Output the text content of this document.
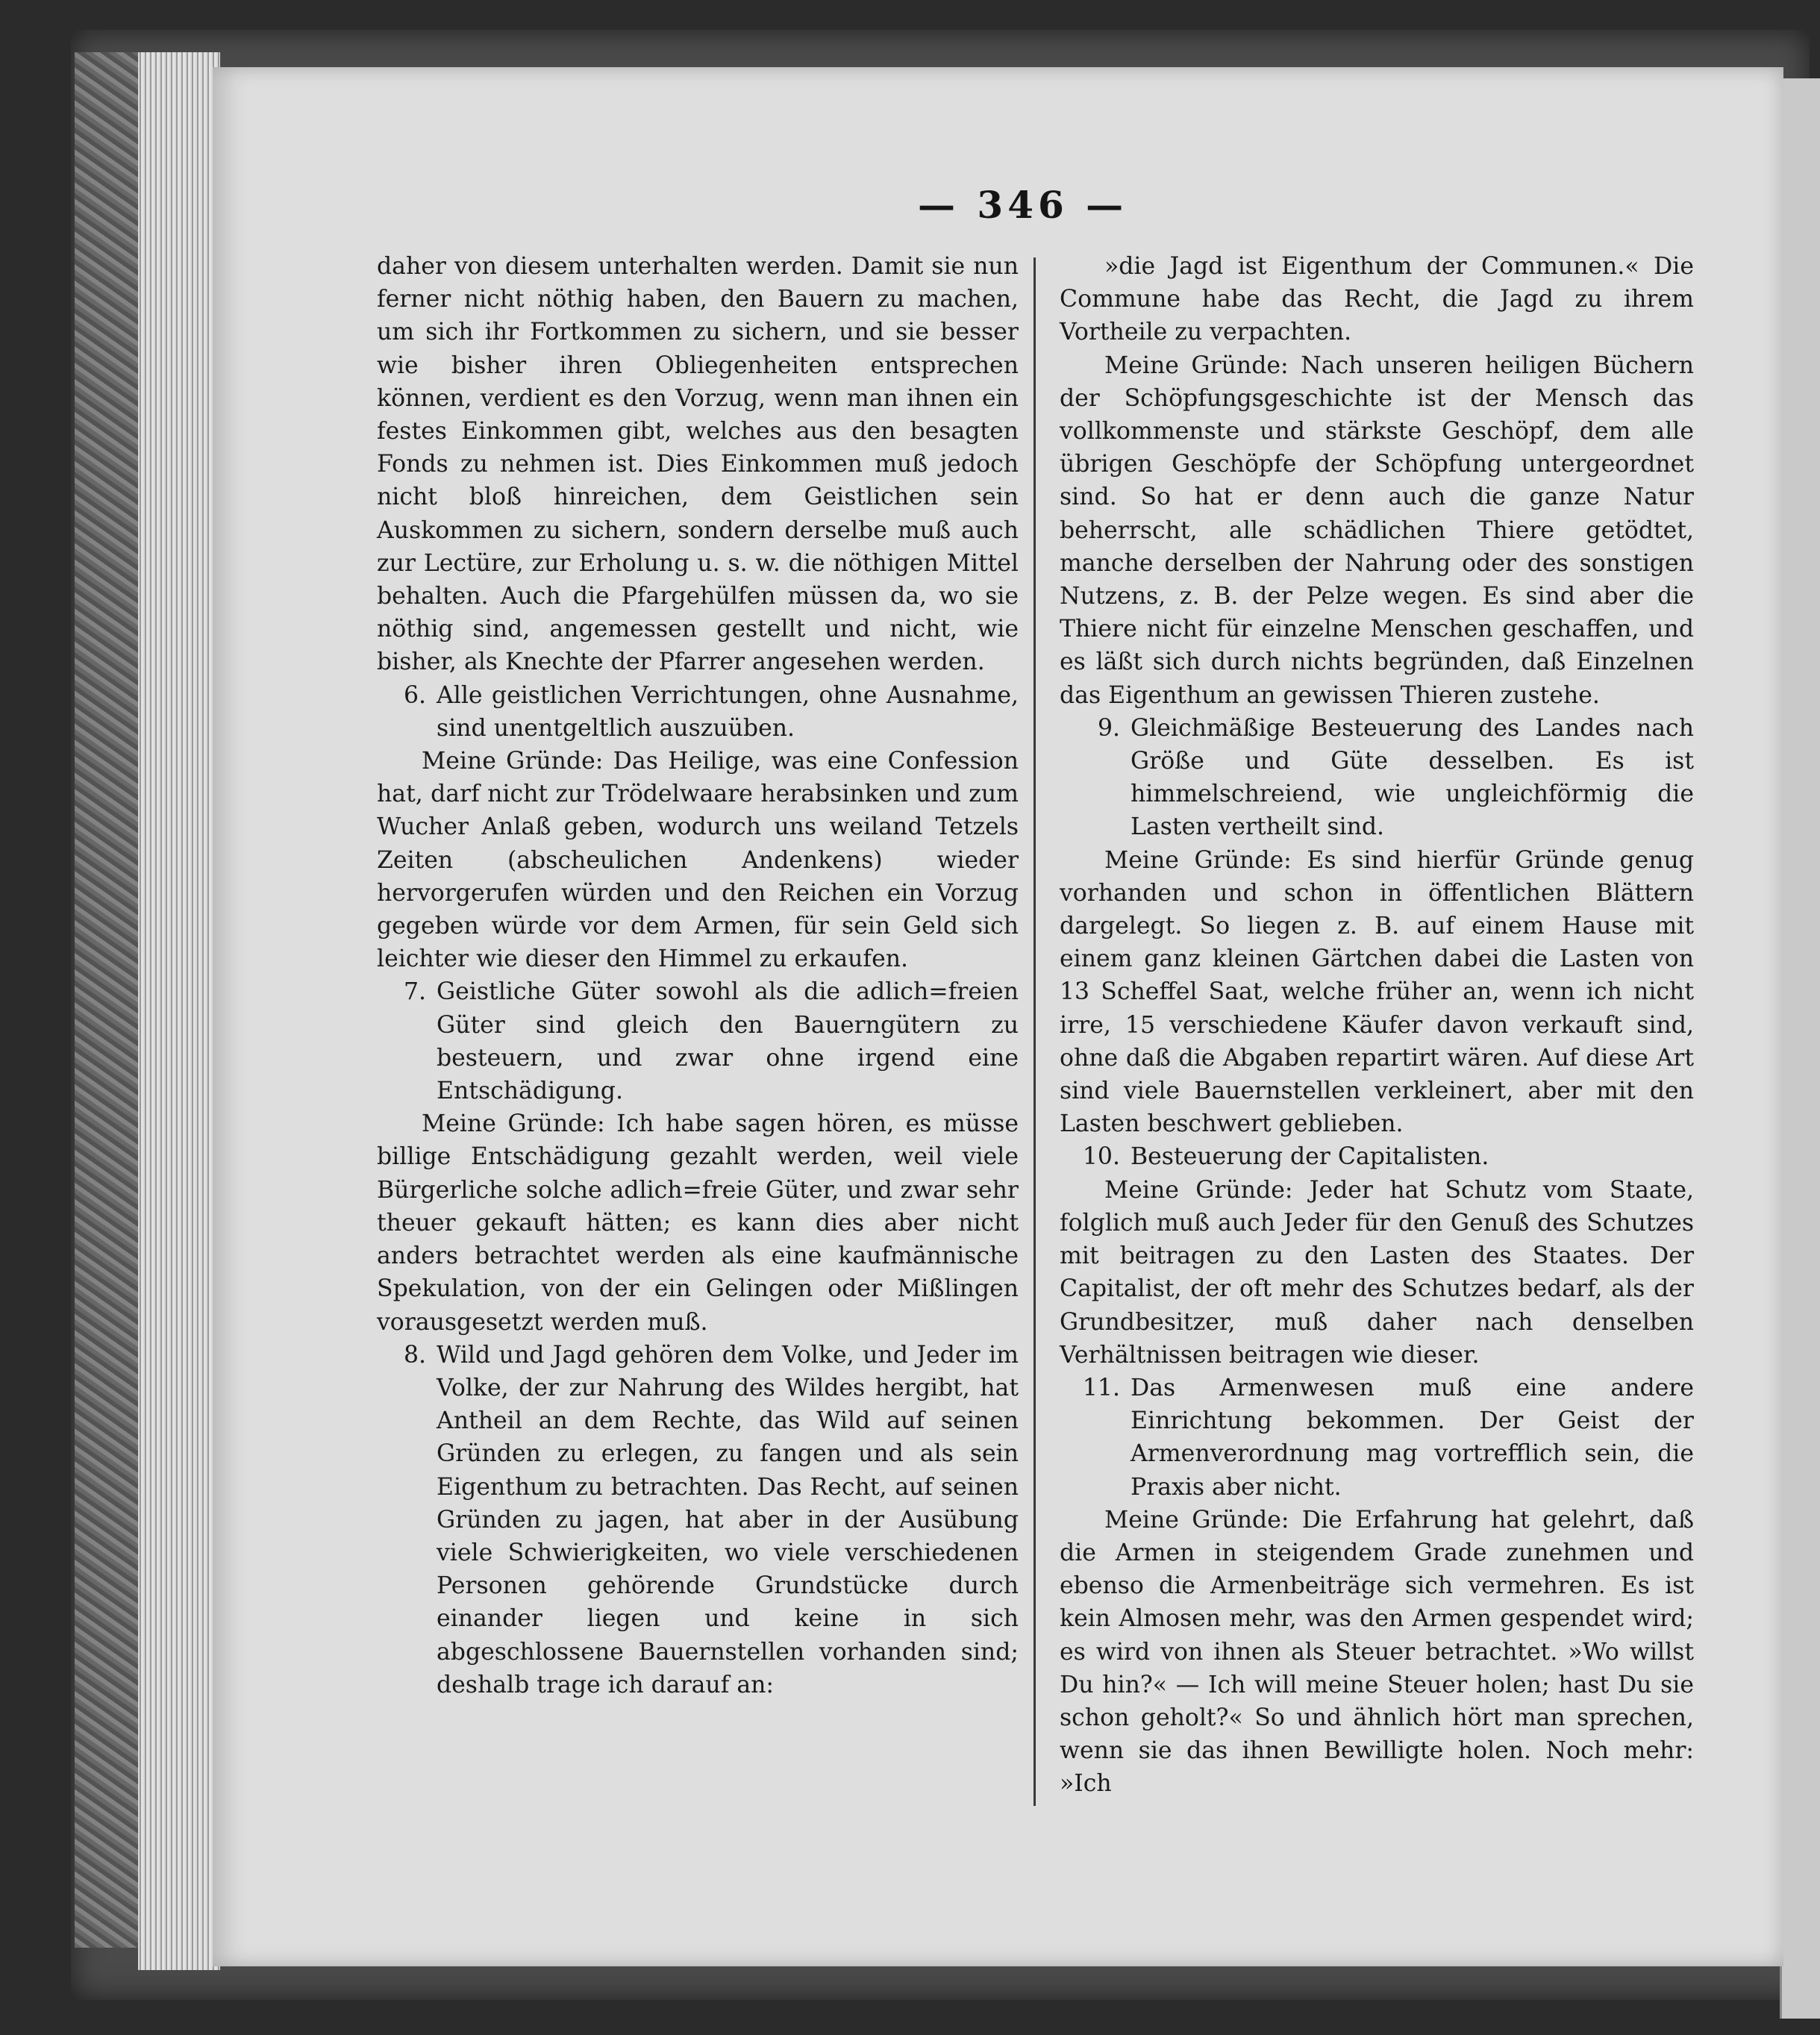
— 346 —

daher von diesem unterhalten werden. Damit sie nun ferner nicht nöthig haben, den Bauern zu machen, um sich ihr Fortkommen zu sichern, und sie besser wie bisher ihren Obliegenheiten entsprechen können, verdient es den Vorzug, wenn man ihnen ein festes Einkommen gibt, welches aus den besagten Fonds zu nehmen ist. Dies Einkommen muß jedoch nicht bloß hinreichen, dem Geistlichen sein Auskommen zu sichern, sondern derselbe muß auch zur Lectüre, zur Erholung u. s. w. die nöthigen Mittel behalten. Auch die Pfargehülfen müssen da, wo sie nöthig sind, angemessen gestellt und nicht, wie bisher, als Knechte der Pfarrer angesehen werden.

6. Alle geistlichen Verrichtungen, ohne Ausnahme, sind unentgeltlich auszuüben.

Meine Gründe: Das Heilige, was eine Confession hat, darf nicht zur Trödelwaare herabsinken und zum Wucher Anlaß geben, wodurch uns weiland Tetzels Zeiten (abscheulichen Andenkens) wieder hervorgerufen würden und den Reichen ein Vorzug gegeben würde vor dem Armen, für sein Geld sich leichter wie dieser den Himmel zu erkaufen.

7. Geistliche Güter sowohl als die adlich=freien Güter sind gleich den Bauerngütern zu besteuern, und zwar ohne irgend eine Entschädigung.

Meine Gründe: Ich habe sagen hören, es müsse billige Entschädigung gezahlt werden, weil viele Bürgerliche solche adlich=freie Güter, und zwar sehr theuer gekauft hätten; es kann dies aber nicht anders betrachtet werden als eine kaufmännische Spekulation, von der ein Gelingen oder Mißlingen vorausgesetzt werden muß.

8. Wild und Jagd gehören dem Volke, und Jeder im Volke, der zur Nahrung des Wildes hergibt, hat Antheil an dem Rechte, das Wild auf seinen Gründen zu erlegen, zu fangen und als sein Eigenthum zu betrachten. Das Recht, auf seinen Gründen zu jagen, hat aber in der Ausübung viele Schwierigkeiten, wo viele verschiedenen Personen gehörende Grundstücke durch einander liegen und keine in sich abgeschlossene Bauernstellen vorhanden sind; deshalb trage ich darauf an:

»die Jagd ist Eigenthum der Communen.« Die Commune habe das Recht, die Jagd zu ihrem Vortheile zu verpachten.

Meine Gründe: Nach unseren heiligen Büchern der Schöpfungsgeschichte ist der Mensch das vollkommenste und stärkste Geschöpf, dem alle übrigen Geschöpfe der Schöpfung untergeordnet sind. So hat er denn auch die ganze Natur beherrscht, alle schädlichen Thiere getödtet, manche derselben der Nahrung oder des sonstigen Nutzens, z. B. der Pelze wegen. Es sind aber die Thiere nicht für einzelne Menschen geschaffen, und es läßt sich durch nichts begründen, daß Einzelnen das Eigenthum an gewissen Thieren zustehe.

9. Gleichmäßige Besteuerung des Landes nach Größe und Güte desselben. Es ist himmelschreiend, wie ungleichförmig die Lasten vertheilt sind.

Meine Gründe: Es sind hierfür Gründe genug vorhanden und schon in öffentlichen Blättern dargelegt. So liegen z. B. auf einem Hause mit einem ganz kleinen Gärtchen dabei die Lasten von 13 Scheffel Saat, welche früher an, wenn ich nicht irre, 15 verschiedene Käufer davon verkauft sind, ohne daß die Abgaben repartirt wären. Auf diese Art sind viele Bauernstellen verkleinert, aber mit den Lasten beschwert geblieben.

10. Besteuerung der Capitalisten.

Meine Gründe: Jeder hat Schutz vom Staate, folglich muß auch Jeder für den Genuß des Schutzes mit beitragen zu den Lasten des Staates. Der Capitalist, der oft mehr des Schutzes bedarf, als der Grundbesitzer, muß daher nach denselben Verhältnissen beitragen wie dieser.

11. Das Armenwesen muß eine andere Einrichtung bekommen. Der Geist der Armenverordnung mag vortrefflich sein, die Praxis aber nicht.

Meine Gründe: Die Erfahrung hat gelehrt, daß die Armen in steigendem Grade zunehmen und ebenso die Armenbeiträge sich vermehren. Es ist kein Almosen mehr, was den Armen gespendet wird; es wird von ihnen als Steuer betrachtet. »Wo willst Du hin?« — Ich will meine Steuer holen; hast Du sie schon geholt?« So und ähnlich hört man sprechen, wenn sie das ihnen Bewilligte holen. Noch mehr: »Ich
